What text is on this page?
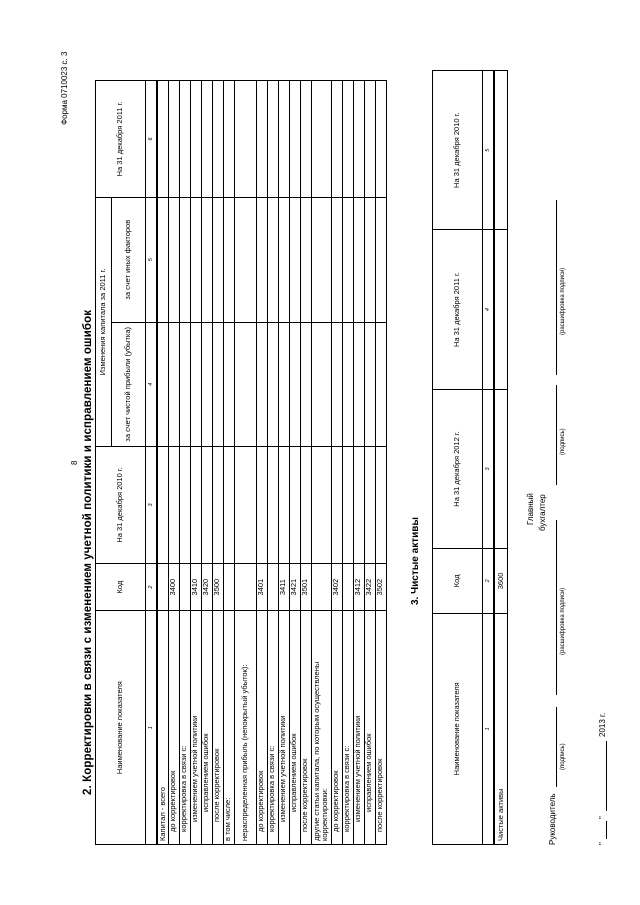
8
Форма 0710023 с. 3
2. Корректировки в связи с изменением учетной политики и исправлением ошибок	Наименование показателя	Код	На 31 декабря 2010 г.	Изменения капитала за 2011 г.		На 31 декабря 2011 г.
			за счет чистой прибыли (убытка)	за счет иных факторов	

1	2	3	4	5	6
Капитал - всего					
до корректировок	3400				
корректировка в связи с:					
изменением учетной политики	3410				
исправлением ошибок	3420				
после корректировок	3500				
в том числе:					
нераспределенная прибыль (непокрытый убыток):					
до корректировок	3401				
корректировка в связи с:					
изменением учетной политики	3411				
исправлением ошибок	3421				
после корректировок	3501				
другие статьи капитала, по которым осуществлены корректировки:					
до корректировок	3402				
корректировка в связи с:					
изменением учетной политики	3412				
исправлением ошибок	3422				
после корректировок	3502					3. Чистые активы
Наименование показателя	Код	На 31 декабря 2012 г.	На 31 декабря 2011 г.	На 31 декабря 2010 г.
1	2	3	4	5
Чистые активы	3600			
Руководитель
(подпись)
(расшифровка подписи)
Главный бухгалтер
(подпись)
(расшифровка подписи)
"
"
2013 г.
